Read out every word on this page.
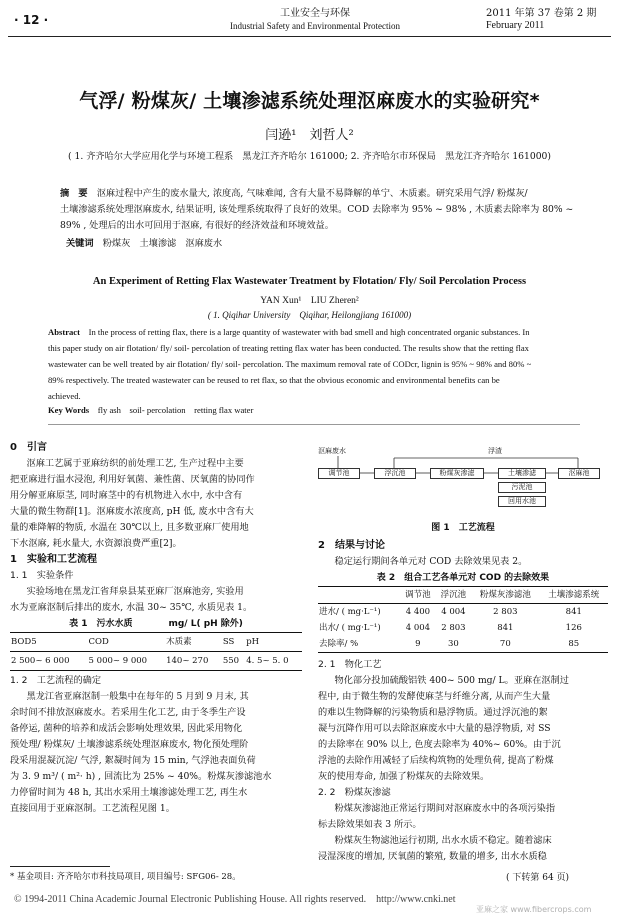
· 12 ·	工业安全与环保
Industrial Safety and Environmental Protection
2011 年第 37 卷第 2 期
February 2011
气浮/ 粉煤灰/ 土壤渗滤系统处理沤麻废水的实验研究*
闫逊¹　刘哲人²
( 1. 齐齐哈尔大学应用化学与环境工程系　黑龙江齐齐哈尔 161000; 2. 齐齐哈尔市环保局　黑龙江齐齐哈尔 161000)
摘　要　 沤麻过程中产生的废水量大, 浓度高, 气味难闻, 含有大量不易降解的单宁、木质素。研究采用气浮/ 粉煤灰/
土壤渗滤系统处理沤麻废水, 结果证明, 该处理系统取得了良好的效果。COD 去除率为 95% ~ 98% , 木质素去除率为 80% ~
89% , 处理后的出水可回用于沤麻, 有很好的经济效益和环境效益。
关键词　 粉煤灰　土壤渗滤　沤麻废水
An Experiment of Retting Flax Wastewater Treatment by Flotation/ Fly/ Soil Percolation Process
YAN Xun¹　LIU Zheren²
( 1. Qiqihar University　Qiqihar, Heilongjiang 161000)
Abstract　 In the process of retting flax, there is a large quantity of wastewater with bad smell and high concentrated organic substances. In
this paper study on air flotation/ fly/ soil- percolation of treating retting flax water has been conducted. The results show that the retting flax
wastewater can be well treated by air flotation/ fly/ soil- percolation. The maximum removal rate of CODcr, lignin is 95% ~ 98% and 80% ~
89% respectively. The treated wastewater can be reused to ret flax, so that the obvious economic and environmental benefits can be
achieved.
Key Words　 fly ash　soil- percolation　retting flax water
0　引言
沤麻工艺属于亚麻纺织的前处理工艺, 生产过程中主要
把亚麻进行温水浸泡, 利用好氧菌、兼性菌、厌氧菌的协同作
用分解亚麻原茎, 同时麻茎中的有机物进入水中, 水中含有
大量的微生物群[1]。沤麻废水浓度高, pH 低, 废水中含有大
量的难降解的物质, 水温在 30℃以上, 且多数亚麻厂使用地
下水沤麻, 耗水量大, 水资源浪费严重[2]。
1　实验和工艺流程
1. 1　实验条件
实验场地在黑龙江省拜泉县某亚麻厂沤麻池旁, 实验用
水为亚麻沤制后排出的废水, 水温 30~ 35℃, 水质见表 1。
表 1　污水水质　　　　mg/ L( pH 除外)
BOD5	COD	木质素	SS	pH
2 500~ 6 000	5 000~ 9 000	140~ 270	550	4. 5~ 5. 0
1. 2　工艺流程的确定
黑龙江省亚麻沤制一般集中在每年的 5 月到 9 月末, 其
余时间不排放沤麻废水。若采用生化工艺, 由于冬季生产设
备停运, 菌种的培养和成活会影响处理效果, 因此采用物化
预处理/ 粉煤灰/ 土壤渗滤系统处理沤麻废水, 物化预处理阶
段采用混凝沉淀/ 气浮, 絮凝时间为 15 min, 气浮池表面负荷
为 3. 9 m³/ ( m²· h) , 回流比为 25% ~ 40%。粉煤灰渗滤池水
力停留时间为 48 h, 其出水采用土壤渗滤处理工艺, 再生水
直接回用于亚麻沤制。工艺流程见图 1。
沤麻废水	浮渣
调节池	浮沉池	粉煤灰渗滤	土壤渗滤	沤麻池
污泥池
回用水池
图 1　工艺流程
2　结果与讨论
稳定运行期间各单元对 COD 去除效果见表 2。
表 2　组合工艺各单元对 COD 的去除效果
	调节池	浮沉池	粉煤灰渗滤池	土壤渗滤系统
进水/ ( mg·L⁻¹)	4 400	4 004	2 803	841
出水/ ( mg·L⁻¹)	4 004	2 803	841	126
去除率/ %	9	30	70	85
2. 1　物化工艺
物化部分投加硫酸铝铁 400~ 500 mg/ L。亚麻在沤制过
程中, 由于微生物的发酵使麻茎与纤维分离, 从而产生大量
的难以生物降解的污染物质和悬浮物质。通过浮沉池的絮
凝与沉降作用可以去除沤麻废水中大量的悬浮物质, 对 SS
的去除率在 90% 以上, 色度去除率为 40%~ 60%。由于沉
浮池的去除作用减轻了后续构筑物的处理负荷, 提高了粉煤
灰的使用寿命, 加强了粉煤灰的去除效果。
2. 2　粉煤灰渗滤
粉煤灰渗滤池正常运行期间对沤麻废水中的各项污染指
标去除效果如表 3 所示。
粉煤灰生物滤池运行初期, 出水水质不稳定。随着滤床
浸湿深度的增加, 厌氧菌的繁殖, 数量的增多, 出水水质稳
* 基金项目: 齐齐哈尔市科技局项目, 项目编号: SFG06- 28。	( 下转第 64 页)
© 1994-2011 China Academic Journal Electronic Publishing House. All rights reserved.　http://www.cnki.net
亚麻之家 www.fibercrops.com
